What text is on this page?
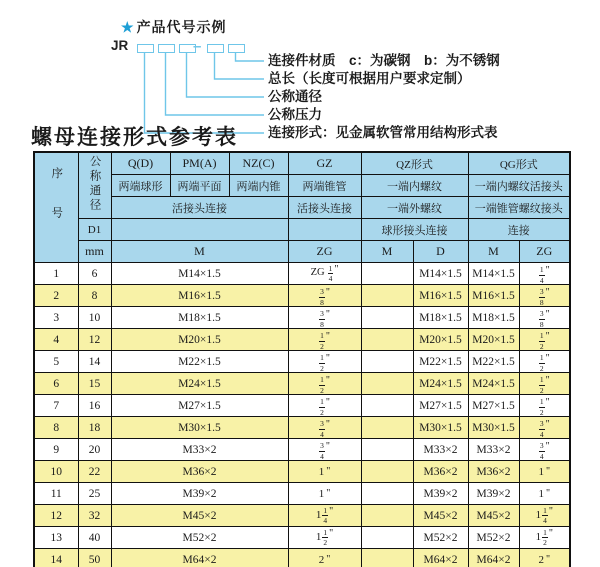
★ 产品代号示例
JR	–
连接件材质　c：为碳钢　b：为不锈钢
总长（长度可根据用户要求定制）
公称通径
公称压力
连接形式：见金属软管常用结构形式表
螺母连接形式参考表
序号	公称通径	Q(D)	PM(A)	NZ(C)	GZ	QZ形式		QG形式	
		两端球形	两端平面	两端内锥	两端锥管	一端内螺纹		一端内螺纹活接头	
		活接头连接			活接头连接	一端外螺纹		一端锥管螺纹接头	
	D1					球形接头连接		连接	
	mm	M			ZG	M	D	M	ZG
1	6	M14×1.5			ZG $\frac{1}{4}$ "		M14×1.5	M14×1.5	$\frac{1}{4}$ "

2	8	M16×1.5			$\frac{3}{8}$ "		M16×1.5	M16×1.5	$\frac{3}{8}$ "

3	10	M18×1.5			$\frac{3}{8}$ "		M18×1.5	M18×1.5	$\frac{3}{8}$ "

4	12	M20×1.5			$\frac{1}{2}$ "		M20×1.5	M20×1.5	$\frac{1}{2}$ "

5	14	M22×1.5			$\frac{1}{2}$ "		M22×1.5	M22×1.5	$\frac{1}{2}$ "

6	15	M24×1.5			$\frac{1}{2}$ "		M24×1.5	M24×1.5	$\frac{1}{2}$ "

7	16	M27×1.5			$\frac{1}{2}$ "		M27×1.5	M27×1.5	$\frac{1}{2}$ "

8	18	M30×1.5			$\frac{3}{4}$ "		M30×1.5	M30×1.5	$\frac{3}{4}$ "

9	20	M33×2			$\frac{3}{4}$ "		M33×2	M33×2	$\frac{3}{4}$ "

10	22	M36×2			1 "		M36×2	M36×2	1 "

11	25	M39×2			1 "		M39×2	M39×2	1 "

12	32	M45×2			$1 \frac{1}{4}$ "		M45×2	M45×2	$1 \frac{1}{4}$ "

13	40	M52×2			$1 \frac{1}{2}$ "		M52×2	M52×2	$1 \frac{1}{2}$ "

14	50	M64×2			2 "		M64×2	M64×2	2 "
